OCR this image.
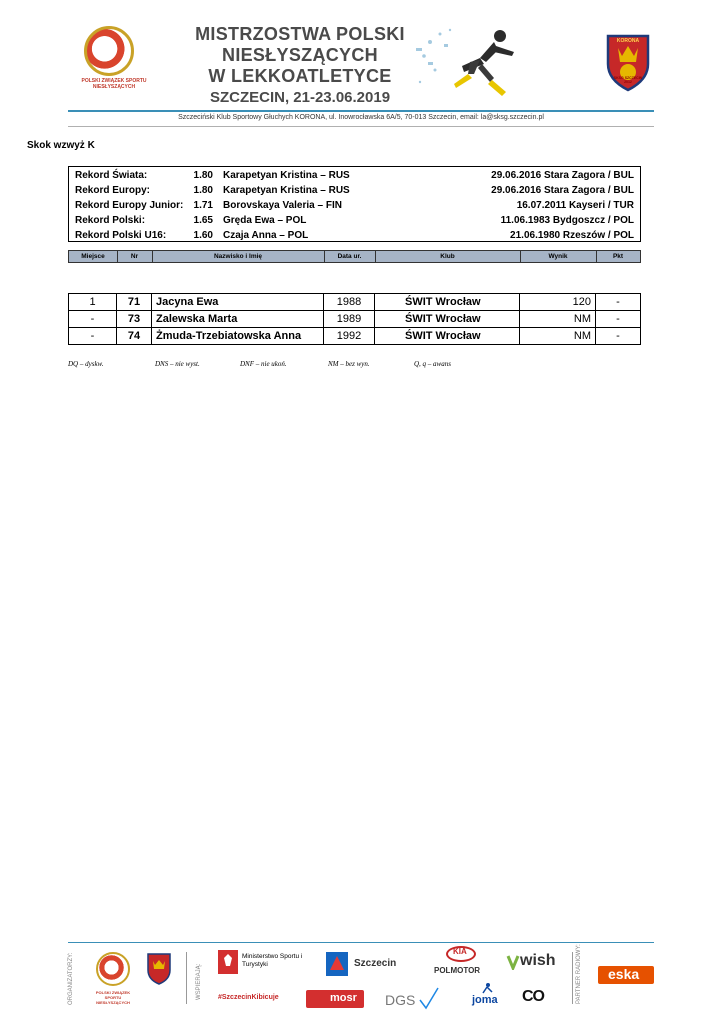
POLSKI ZWIĄZEK SPORTU NIESŁYSZĄCYCH
MISTRZOSTWA POLSKI
NIESŁYSZĄCYCH
W LEKKOATLETYCE
SZCZECIN, 21-23.06.2019
KORONA
SKSG SZCZECIN 2012
Szczeciński Klub Sportowy Głuchych KORONA, ul. Inowrocławska 6A/5, 70-013 Szczecin, email: la@sksg.szczecin.pl
Skok wzwyż K
Rekord Świata:	1.80 Karapetyan Kristina – RUS	29.06.2016 Stara Zagora / BUL
Rekord Europy:	1.80 Karapetyan Kristina – RUS	29.06.2016 Stara Zagora / BUL
Rekord Europy Junior:	1.71 Borovskaya Valeria – FIN	16.07.2011 Kayseri / TUR
Rekord Polski:	1.65 Gręda Ewa – POL	11.06.1983 Bydgoszcz / POL
Rekord Polski U16:	1.60 Czaja Anna – POL	21.06.1980 Rzeszów / POL
Miejsce	Nr	Nazwisko i Imię	Data ur.	Klub	Wynik	Pkt
1	71	Jacyna Ewa	1988	ŚWIT Wrocław	120	-
-	73	Zalewska Marta	1989	ŚWIT Wrocław	NM	-
-	74	Żmuda-Trzebiatowska Anna	1992	ŚWIT Wrocław	NM	-
DQ – dyskw.	DNS – nie wyst.	DNF – nie ukoń.	NM – bez wyn.	Q, q – awans
ORGANIZATORZY:	POLSKI ZWIĄZEK SPORTU NIESŁYSZĄCYCH
WSPIERAJĄ:
Ministerstwo Sportu i Turystyki
#SzczecinKibicuje
Szczecin
mosr
KIA
POLMOTOR
DGS	joma
wish
CO	PARTNER RADIOWY: eska
